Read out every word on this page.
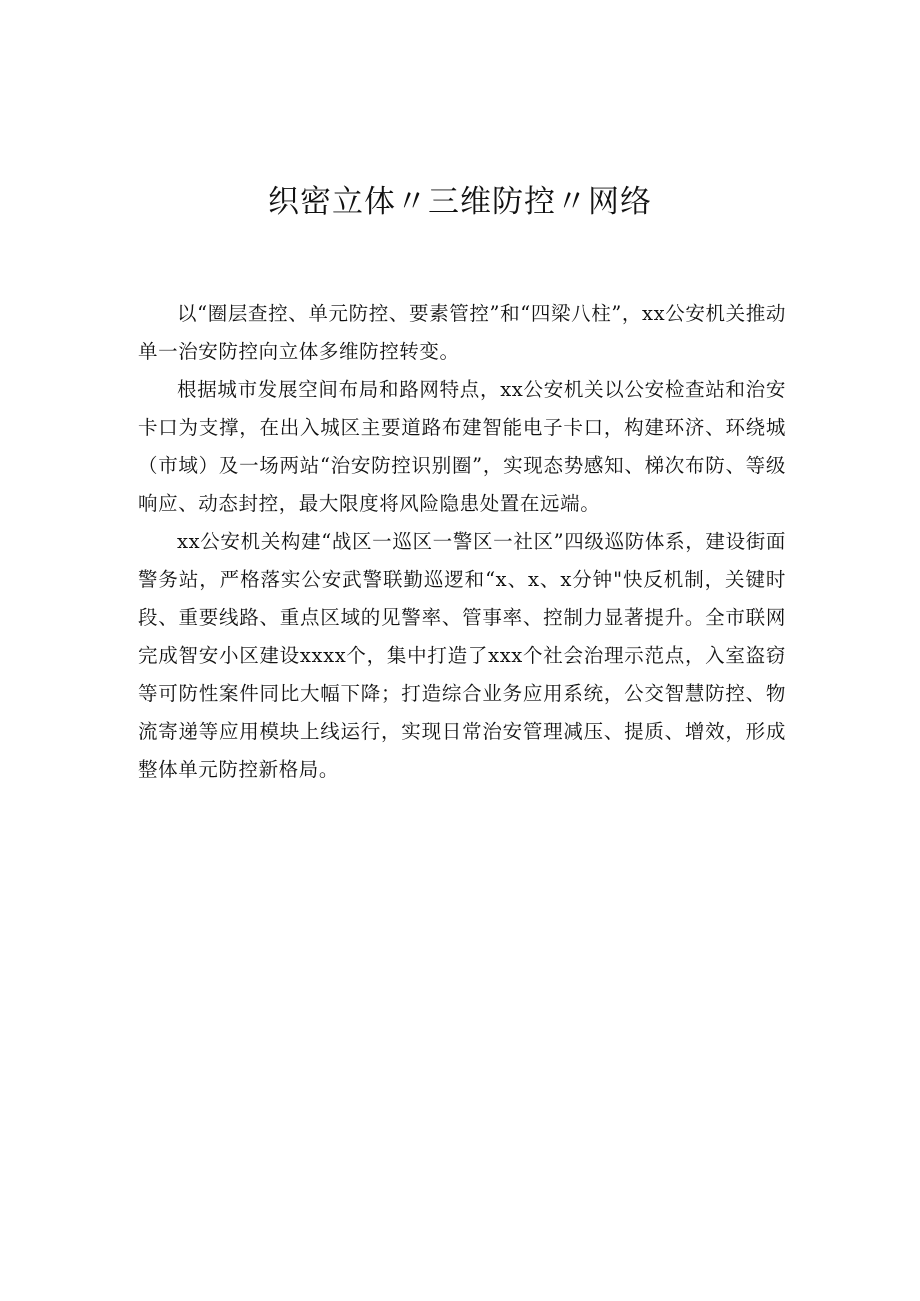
织密立体〃三维防控〃网络

以“圈层查控、单元防控、要素管控”和“四梁八柱”，xx公安机关推动单一治安防控向立体多维防控转变。

根据城市发展空间布局和路网特点，xx公安机关以公安检查站和治安卡口为支撑，在出入城区主要道路布建智能电子卡口，构建环济、环绕城（市域）及一场两站“治安防控识别圈”，实现态势感知、梯次布防、等级响应、动态封控，最大限度将风险隐患处置在远端。

xx公安机关构建“战区一巡区一警区一社区”四级巡防体系，建设街面警务站，严格落实公安武警联勤巡逻和“x、x、x分钟"快反机制，关键时段、重要线路、重点区域的见警率、管事率、控制力显著提升。全市联网完成智安小区建设xxxx个，集中打造了xxx个社会治理示范点，入室盗窃等可防性案件同比大幅下降；打造综合业务应用系统，公交智慧防控、物流寄递等应用模块上线运行，实现日常治安管理减压、提质、增效，形成整体单元防控新格局。
